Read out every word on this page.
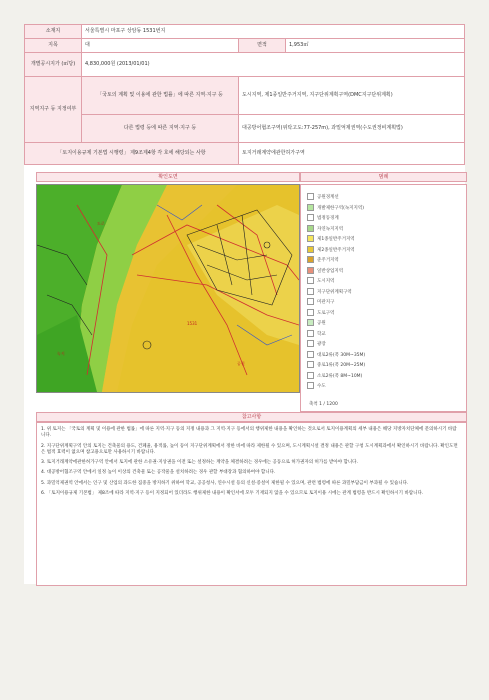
소재지	서울특별시 마포구 상암동 1531번지		
지목	대	면적	1,953㎡
개별공시지가 (㎡당)	4,830,000원 (2013/01/01)		
지역지구 등 지정여부	「국토의 계획 및 이용에 관한 법률」에 따른 지역·지구 등	도시지역, 제1종일반주거지역, 지구단위계획구역(DMC지구단위계획)	
	다른 법령 등에 따른 지역·지구 등	대공방어협조구역(위탁고도:77-257m), 과밀억제권역(수도권정비계획법)	
「토지이용규제 기본법 시행령」 제9조제4항 각 호에 해당되는 사항		토지거래계약에관한허가구역	
확인도면	범례
1531
도로
공원
녹지
공원경계선
개발제한구역(녹지지역)
법정동경계
자연녹지지역
제1종일반주거지역
제2종일반주거지역
준주거지역
일반상업지역
도시지역
지구단위계획구역
미관지구
도로구역
공원
학교
광장
대로2류(폭 30M~35M)
중로1류(폭 20M~25M)
소로2류(폭 8M~10M)
수도
축척 1 / 1200
참고사항
1. 위 토지는 「국토의 계획 및 이용에 관한 법률」에 따른 지역·지구 등의 지정 내용과 그 지역·지구 등에서의 행위제한 내용을 확인하는 것으로서 토지이용계획의 세부 내용은 해당 지방자치단체에 문의하시기 바랍니다.
2. 지구단위계획구역 안의 토지는 건축물의 용도, 건폐율, 용적률, 높이 등이 지구단위계획에서 정한 바에 따라 제한될 수 있으며, 도시계획시설 결정 내용은 관할 구청 도시계획과에서 확인하시기 바랍니다. 확인도면은 법적 효력이 없으며 참고용으로만 사용하시기 바랍니다.
3. 토지거래계약에관한허가구역 안에서 토지에 관한 소유권·지상권을 이전 또는 설정하는 계약을 체결하려는 경우에는 공동으로 허가권자의 허가를 받아야 합니다.
4. 대공방어협조구역 안에서 일정 높이 이상의 건축물 또는 공작물을 설치하려는 경우 관할 부대장과 협의하여야 합니다.
5. 과밀억제권역 안에서는 인구 및 산업의 과도한 집중을 방지하기 위하여 학교, 공공청사, 연수시설 등의 신설·증설이 제한될 수 있으며, 관련 법령에 따른 과밀부담금이 부과될 수 있습니다.
6. 「토지이용규제 기본법」 제8조에 따라 지역·지구 등이 지정되어 있더라도 행위제한 내용이 확인서에 모두 기재되지 않을 수 있으므로 토지이용 시에는 관계 법령을 반드시 확인하시기 바랍니다.
